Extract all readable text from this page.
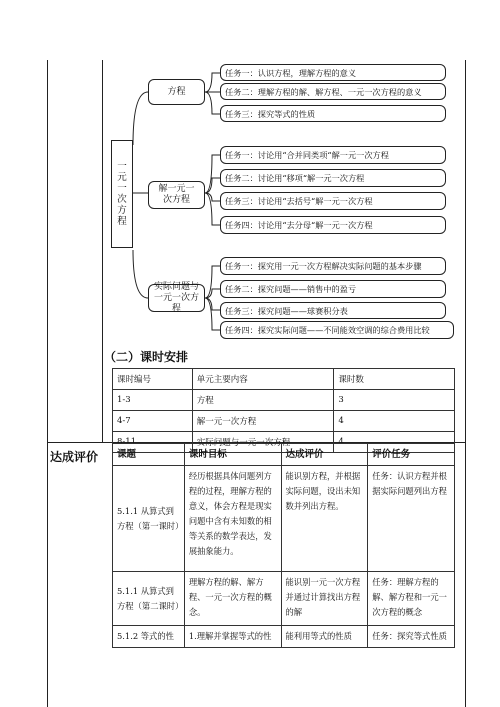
一元一次方程
方程
解一元一次方程
实际问题与一元一次方程
任务一：认识方程，理解方程的意义
任务二：理解方程的解、解方程、一元一次方程的意义
任务三：探究等式的性质
任务一：讨论用“合并同类项“解一元一次方程
任务二：讨论用“移项“解一元一次方程
任务三：讨论用“去括号“解一元一次方程
任务四：讨论用“去分母“解一元一次方程
任务一：探究用一元一次方程解决实际问题的基本步骤
任务二：探究问题——销售中的盈亏
任务三：探究问题——球赛积分表
任务四：探究实际问题——不同能效空调的综合费用比较
（二）课时安排
课时编号	单元主要内容	课时数
1-3	方程	3
4-7	解一元一次方程	4
8-11	实际问题与一元一次方程	4
达成评价 课题	课时目标	达成评价	评价任务
5.1.1 从算式到方程（第一课时）	经历根据具体问题列方程的过程，理解方程的意义，体会方程是现实问题中含有未知数的相等关系的数学表达，发展抽象能力。	能识别方程，并根据实际问题，设出未知数并列出方程。	任务：认识方程并根据实际问题列出方程
5.1.1 从算式到方程（第二课时）	理解方程的解、解方程、一元一次方程的概念。	能识别一元一次方程并通过计算找出方程的解	任务：理解方程的解、解方程和一元一次方程的概念
5.1.2 等式的性	1.理解并掌握等式的性	能利用等式的性质	任务：探究等式性质
